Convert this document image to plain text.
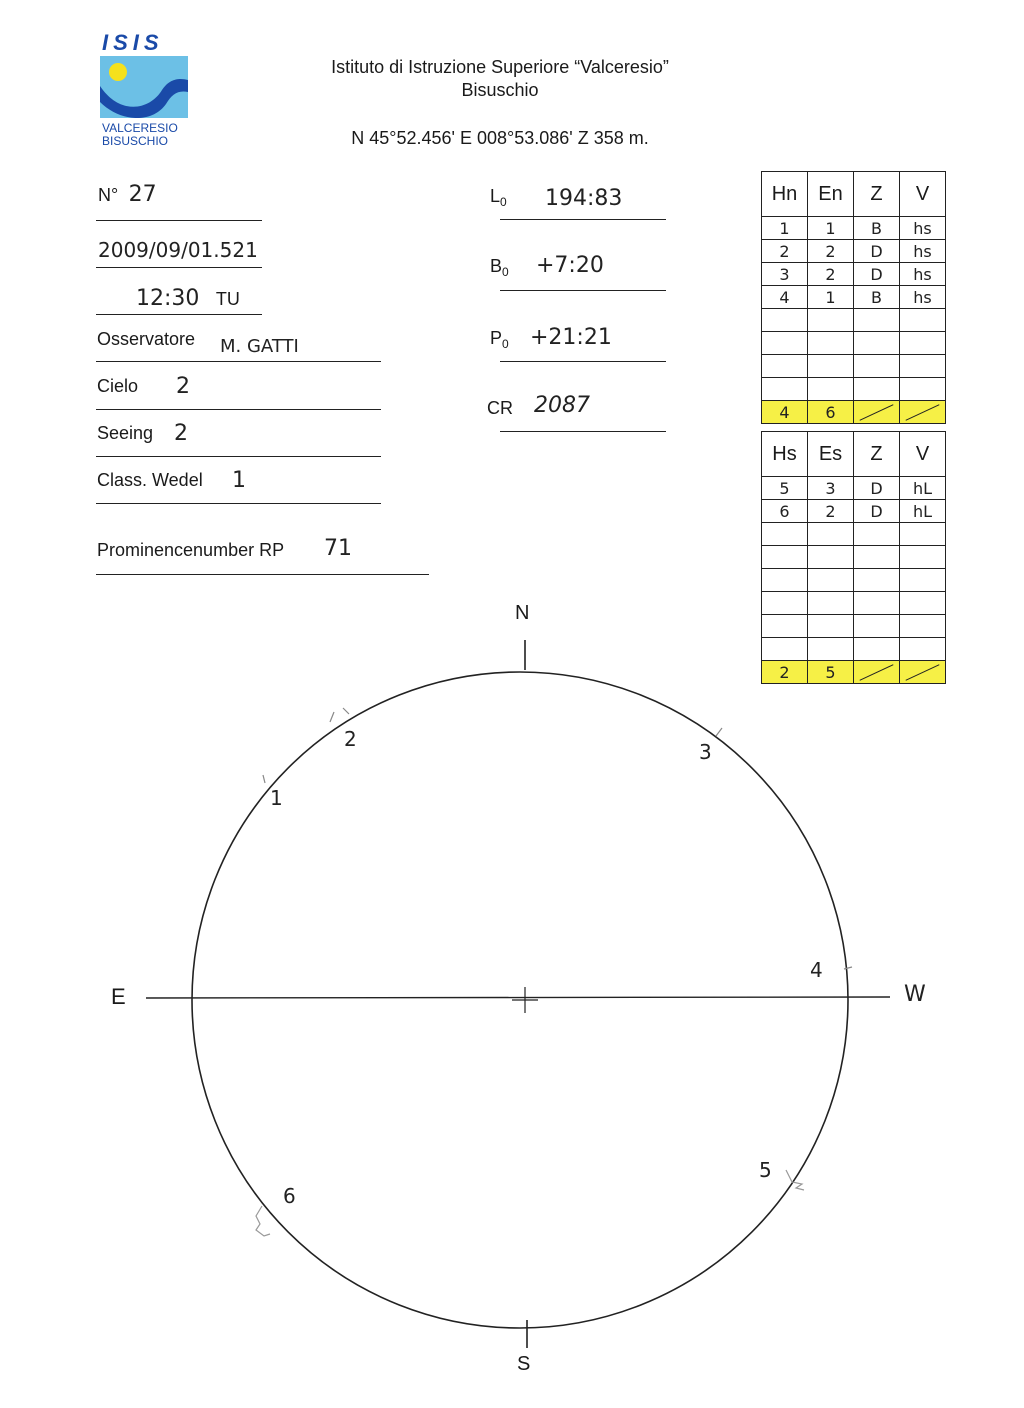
ISIS
VALCERESIO
BISUSCHIO
Istituto di Istruzione Superiore “Valceresio”
Bisuschio
N 45°52.456' E 008°53.086' Z 358 m.
N° 27
2009/09/01.521
12:30 TU
Osservatore M. GATTI
Cielo 2
Seeing 2
Class. Wedel 1
Prominencenumber RP 71
$L_0$ 194:83
$B_0$ +7:20
$P_0$ +21:21
CR 2087
Hn	En	Z	V
1	1	B	hs
2	2	D	hs
3	2	D	hs
4	1	B	hs

4	6		
Hs	Es	Z	V
5	3	D	hL
6	2	D	hL

2	5		
N
S
E	W
1
2
3
4
5
6
